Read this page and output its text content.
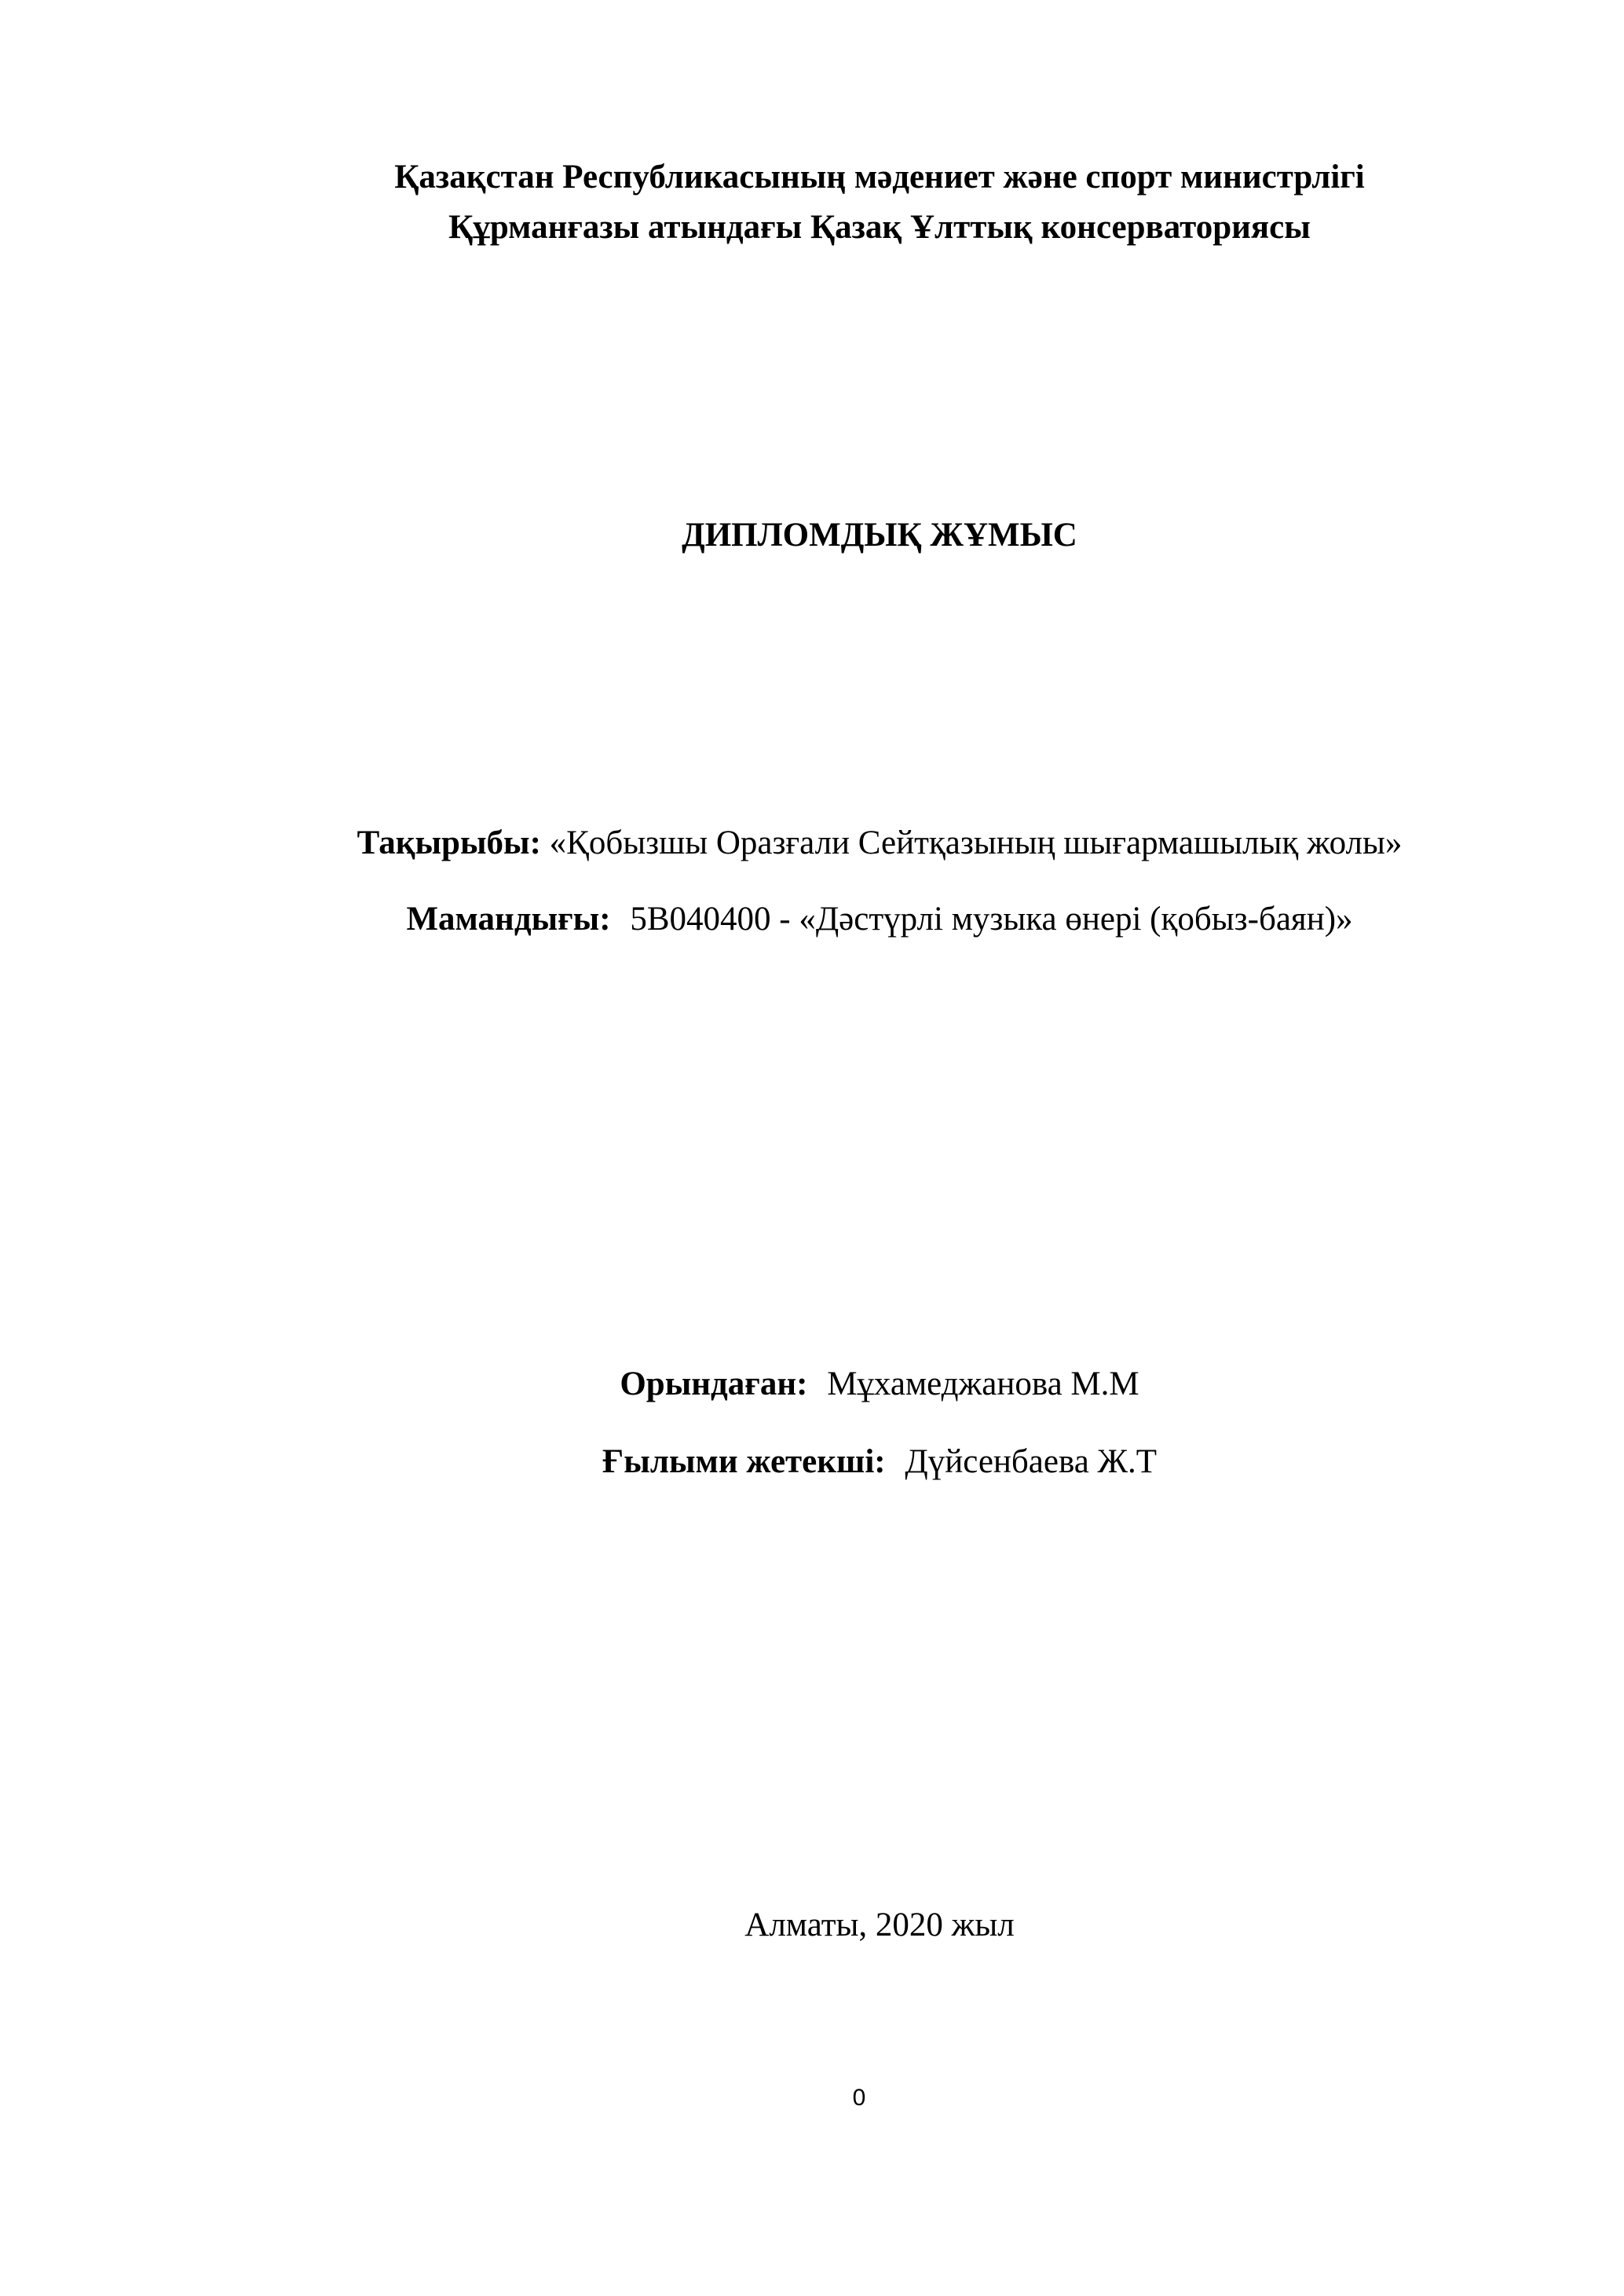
Қазақстан Республикасының мәдениет және спорт министрлігі
Құрманғазы атындағы Қазақ Ұлттық консерваториясы
ДИПЛОМДЫҚ ЖҰМЫС
Тақырыбы: «Қобызшы Оразғали Сейтқазының шығармашылық жолы»
Мамандығы: 5В040400 - «Дәстүрлі музыка өнері (қобыз-баян)»
Орындаған: Мұхамеджанова М.М
Ғылыми жетекші: Дүйсенбаева Ж.Т
Алматы, 2020 жыл
0
